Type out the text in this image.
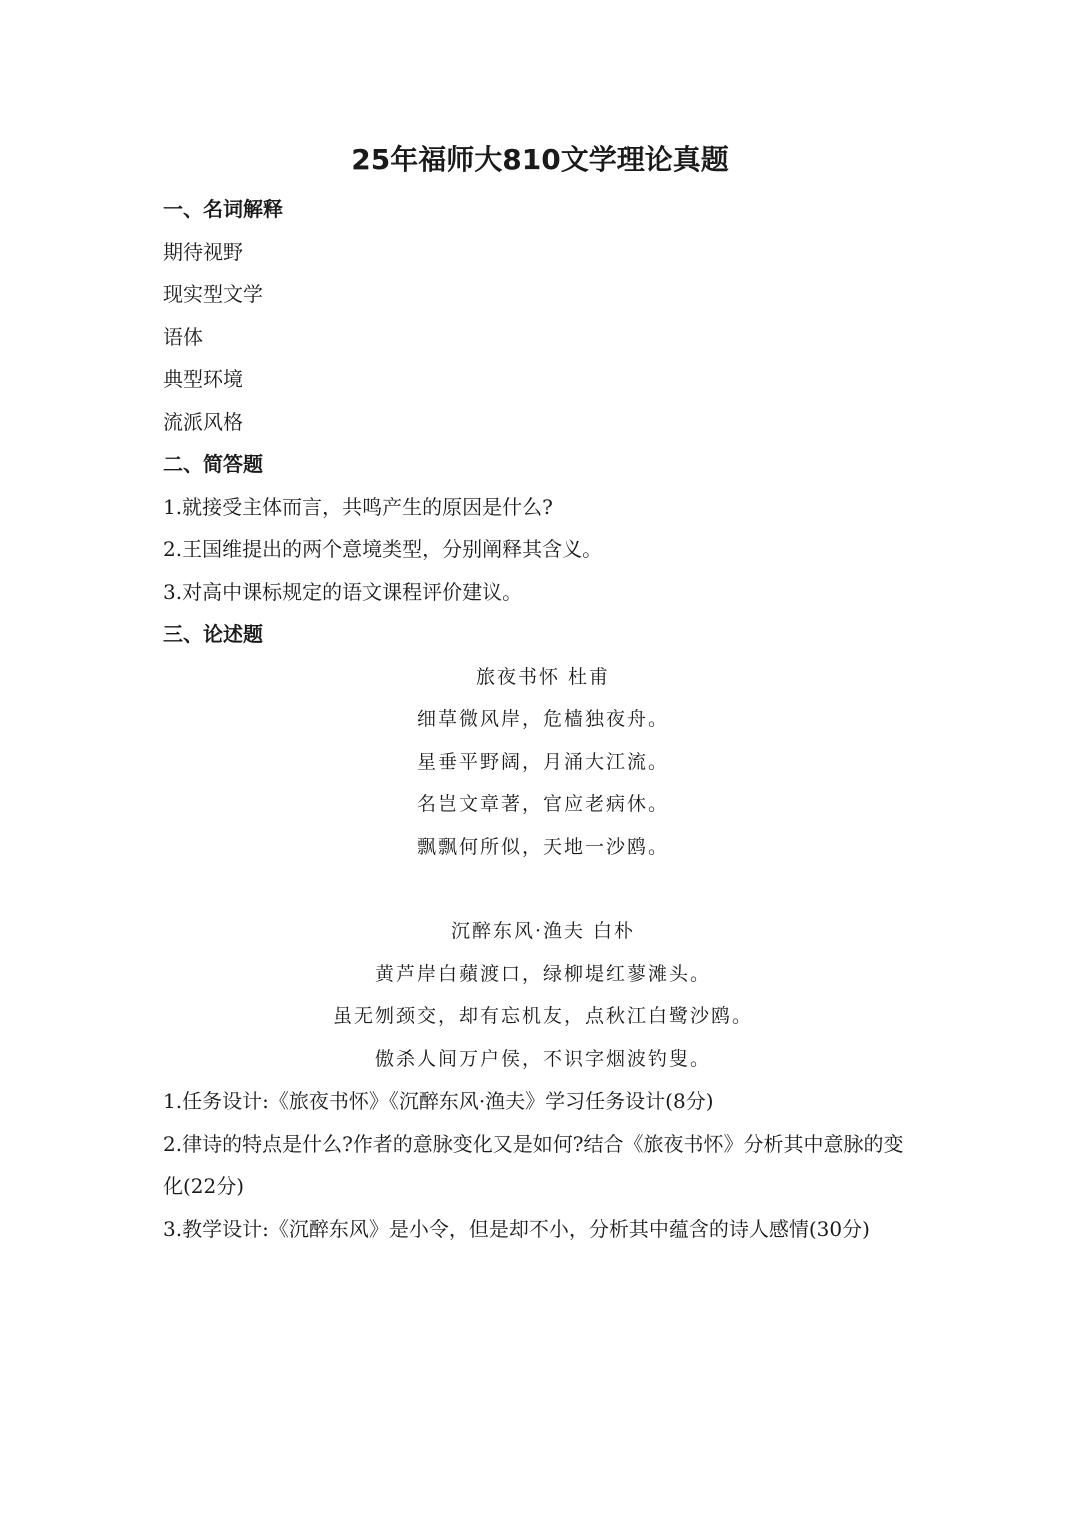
25年福师大810文学理论真题
一、名词解释
期待视野
现实型文学
语体
典型环境
流派风格
二、简答题
1.就接受主体而言，共鸣产生的原因是什么?
2.王国维提出的两个意境类型，分别阐释其含义。
3.对高中课标规定的语文课程评价建议。
三、论述题
旅夜书怀 杜甫
细草微风岸，危樯独夜舟。
星垂平野阔，月涌大江流。
名岂文章著，官应老病休。
飘飘何所似，天地一沙鸥。
沉醉东风·渔夫 白朴
黄芦岸白蘋渡口，绿柳堤红蓼滩头。
虽无刎颈交，却有忘机友，点秋江白鹭沙鸥。
傲杀人间万户侯，不识字烟波钓叟。
1.任务设计:《旅夜书怀》《沉醉东风·渔夫》学习任务设计(8分)
2.律诗的特点是什么?作者的意脉变化又是如何?结合《旅夜书怀》分析其中意脉的变化(22分)
3.教学设计:《沉醉东风》是小令，但是却不小，分析其中蕴含的诗人感情(30分)
